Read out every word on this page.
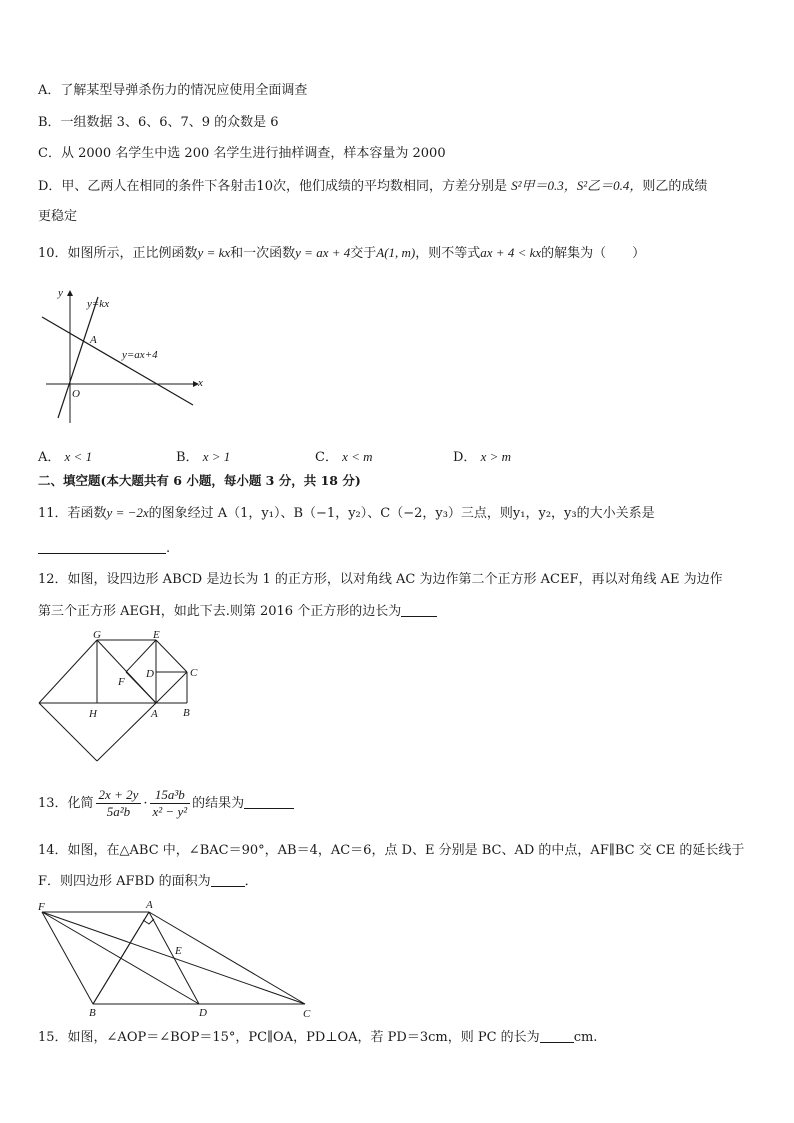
A．了解某型导弹杀伤力的情况应使用全面调查
B．一组数据 3、6、6、7、9 的众数是 6
C．从 2000 名学生中选 200 名学生进行抽样调查，样本容量为 2000
D．甲、乙两人在相同的条件下各射击10次，他们成绩的平均数相同，方差分别是 S²甲＝0.3，S²乙＝0.4，则乙的成绩
更稳定
10．如图所示，正比例函数y = kx和一次函数y = ax + 4交于A(1, m)，则不等式ax + 4 < kx的解集为（　　）
y
x
O
A
y=kx
y=ax+4
A． x < 1	B． x > 1	C． x < m	D． x > m
二、填空题(本大题共有 6 小题，每小题 3 分，共 18 分)
11．若函数y = −2x的图象经过 A（1，y₁）、B（−1，y₂）、C（−2，y₃）三点，则y₁，y₂，y₃的大小关系是
.
12．如图，设四边形 ABCD 是边长为 1 的正方形，以对角线 AC 为边作第二个正方形 ACEF，再以对角线 AE 为边作
第三个正方形 AEGH，如此下去.则第 2016 个正方形的边长为
G	E
D	C
F
H	A B
13．化简 $\frac{2x + 2y}{\text{5a²b}} \cdot \frac{\text{15a³b}}{\text{x² − y²}}$ 的结果为
14．如图，在△ABC 中，∠BAC＝90°，AB＝4，AC＝6，点 D、E 分别是 BC、AD 的中点，AF∥BC 交 CE 的延长线于
F．则四边形 AFBD 的面积为	．
F	A
E
B	D	C
15．如图，∠AOP＝∠BOP＝15°，PC∥OA，PD⊥OA，若 PD＝3cm，则 PC 的长为	cm.
